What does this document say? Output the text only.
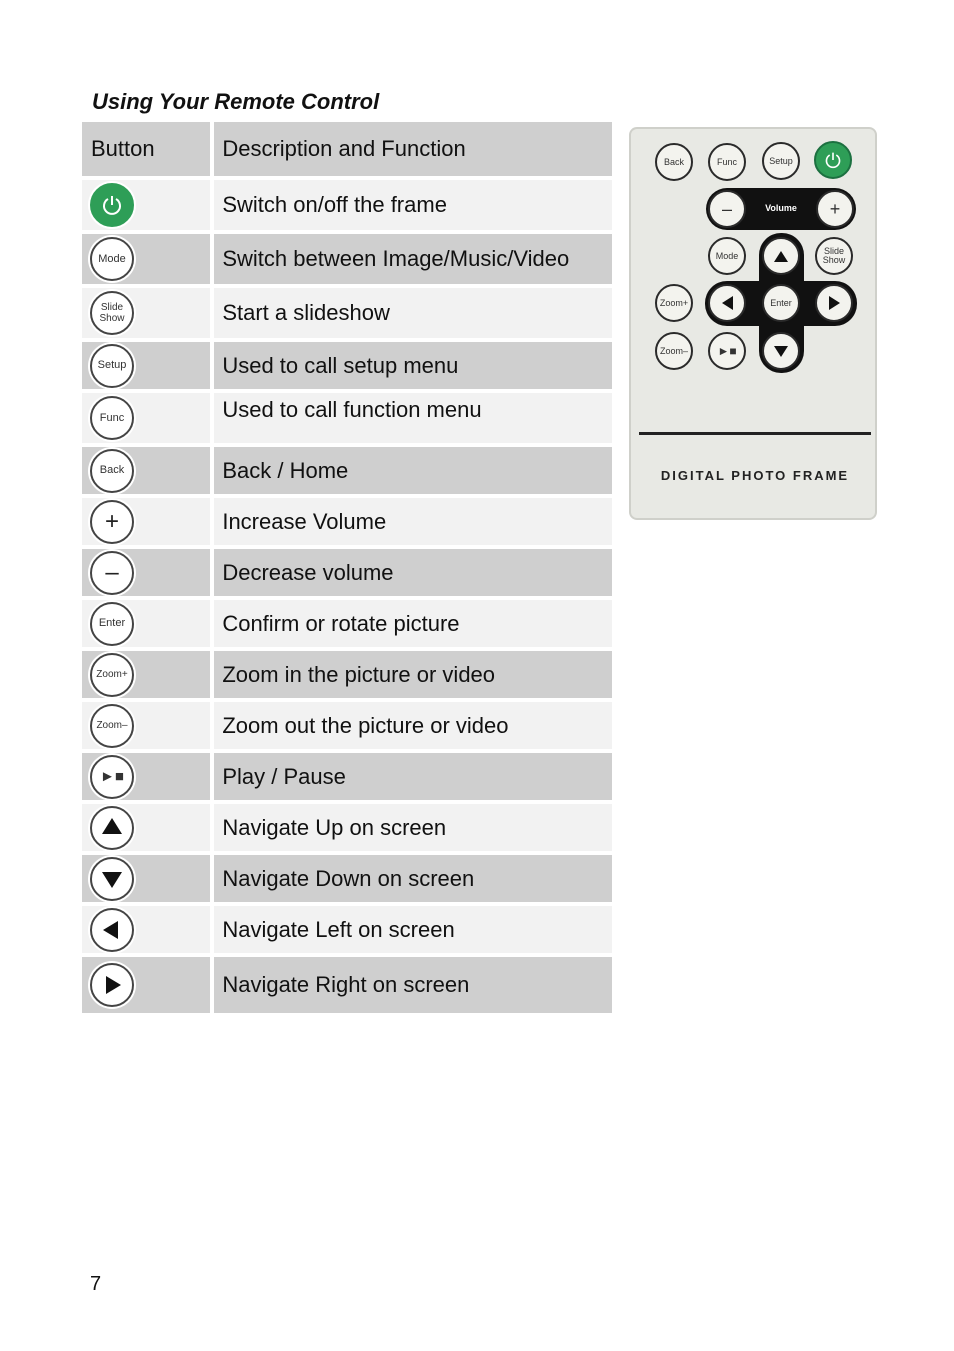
Using Your Remote Control
Button	Description and Function

	Switch on/off the frame

Mode	Switch between Image/Music/Video

Slide Show	Start a slideshow

Setup	Used to call setup menu

Func	Used to call function menu

Back	Back / Home

+	Increase Volume

–	Decrease volume

Enter	Confirm or rotate picture

Zoom+	Zoom in the picture or video

Zoom–	Zoom out the picture or video

►■	Play / Pause

	Navigate Up on screen

	Navigate Down on screen

	Navigate Left on screen

	Navigate Right on screen
Back	Func	Setup
–	Volume	+
Mode	Slide Show
Enter
Zoom+
Zoom–	►■
DIGITAL PHOTO FRAME
7
